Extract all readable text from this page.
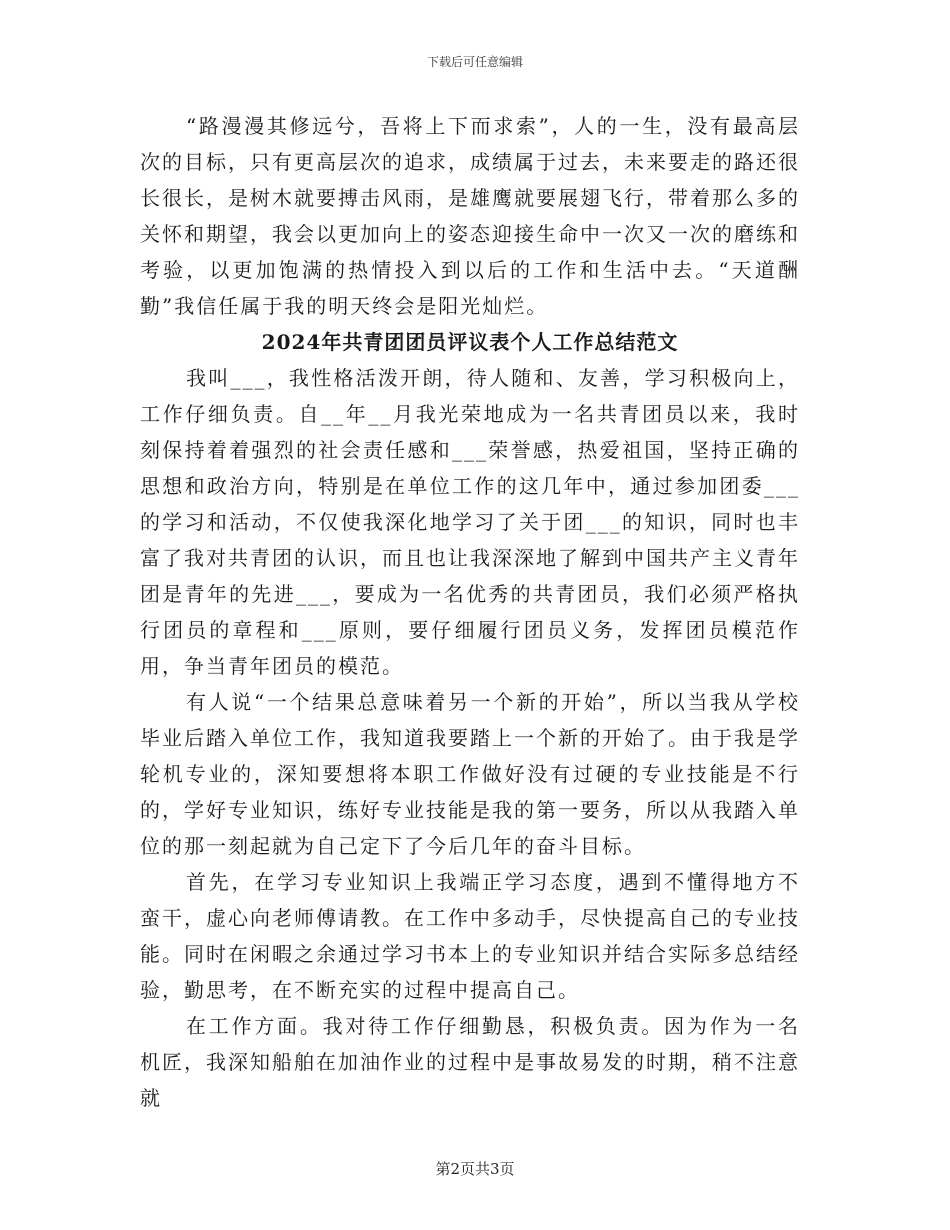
下载后可任意编辑

“路漫漫其修远兮，吾将上下而求索”，人的一生，没有最高层次的目标，只有更高层次的追求，成绩属于过去，未来要走的路还很长很长，是树木就要搏击风雨，是雄鹰就要展翅飞行，带着那么多的关怀和期望，我会以更加向上的姿态迎接生命中一次又一次的磨练和考验，以更加饱满的热情投入到以后的工作和生活中去。“天道酬勤”我信任属于我的明天终会是阳光灿烂。

2024年共青团团员评议表个人工作总结范文

我叫___，我性格活泼开朗，待人随和、友善，学习积极向上，工作仔细负责。自__年__月我光荣地成为一名共青团员以来，我时刻保持着着强烈的社会责任感和___荣誉感，热爱祖国，坚持正确的思想和政治方向，特别是在单位工作的这几年中，通过参加团委___的学习和活动，不仅使我深化地学习了关于团___的知识，同时也丰富了我对共青团的认识，而且也让我深深地了解到中国共产主义青年团是青年的先进___，要成为一名优秀的共青团员，我们必须严格执行团员的章程和___原则，要仔细履行团员义务，发挥团员模范作用，争当青年团员的模范。

有人说“一个结果总意味着另一个新的开始”，所以当我从学校毕业后踏入单位工作，我知道我要踏上一个新的开始了。由于我是学轮机专业的，深知要想将本职工作做好没有过硬的专业技能是不行的，学好专业知识，练好专业技能是我的第一要务，所以从我踏入单位的那一刻起就为自己定下了今后几年的奋斗目标。

首先，在学习专业知识上我端正学习态度，遇到不懂得地方不蛮干，虚心向老师傅请教。在工作中多动手，尽快提高自己的专业技能。同时在闲暇之余通过学习书本上的专业知识并结合实际多总结经验，勤思考，在不断充实的过程中提高自己。

在工作方面。我对待工作仔细勤恳，积极负责。因为作为一名机匠，我深知船舶在加油作业的过程中是事故易发的时期，稍不注意就

第2页共3页
